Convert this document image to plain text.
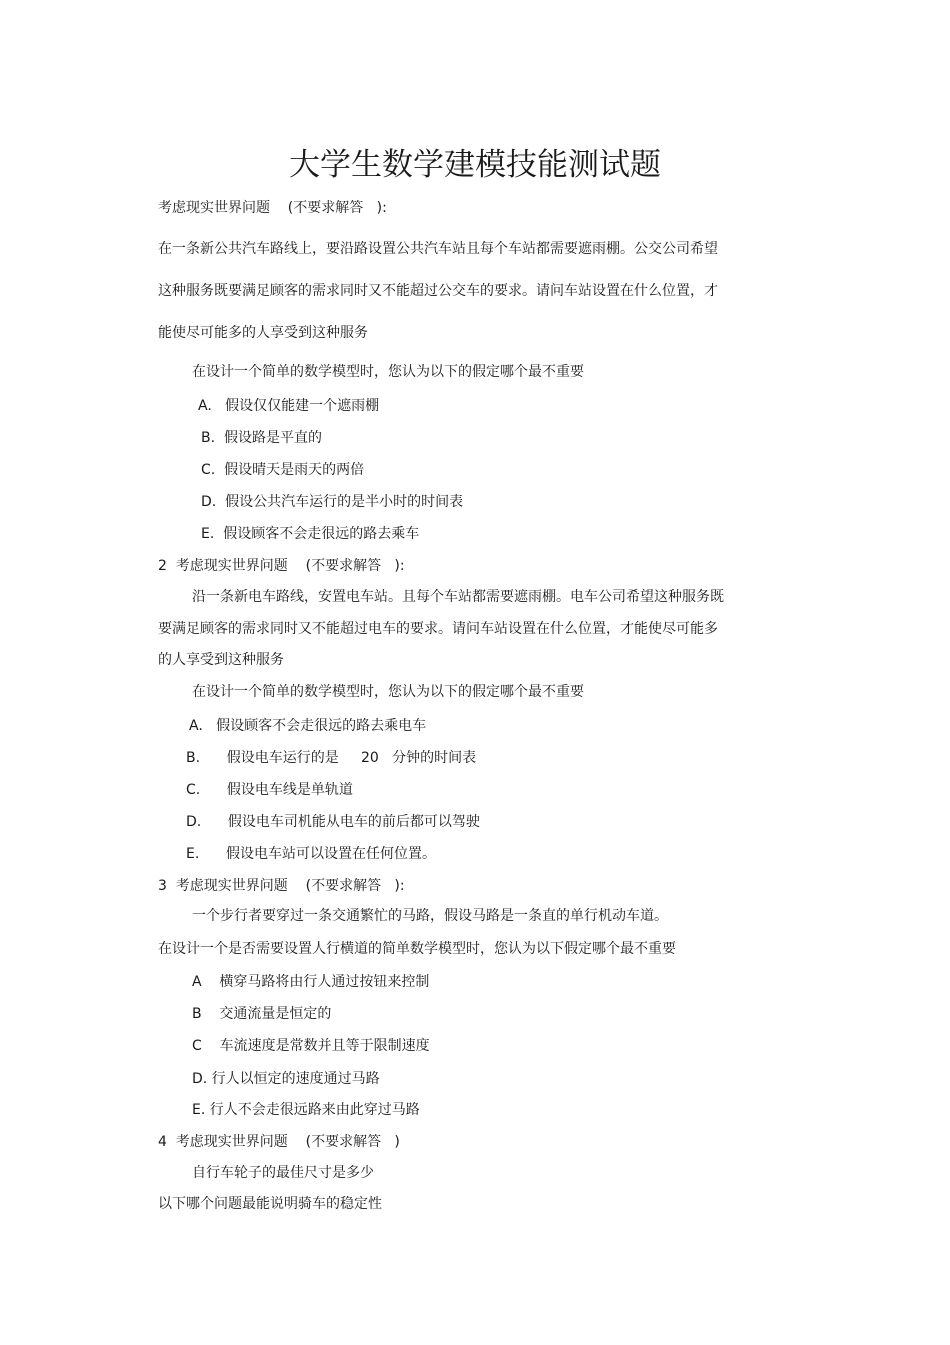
大学生数学建模技能测试题
考虑现实世界问题    (不要求解答   ):
在一条新公共汽车路线上，要沿路设置公共汽车站且每个车站都需要遮雨棚。公交公司希望
这种服务既要满足顾客的需求同时又不能超过公交车的要求。请问车站设置在什么位置，才
能使尽可能多的人享受到这种服务
在设计一个简单的数学模型时，您认为以下的假定哪个最不重要
A.   假设仅仅能建一个遮雨棚
B.  假设路是平直的
C.  假设晴天是雨天的两倍
D.  假设公共汽车运行的是半小时的时间表
E.  假设顾客不会走很远的路去乘车
2  考虑现实世界问题    (不要求解答   ):
沿一条新电车路线，安置电车站。且每个车站都需要遮雨棚。电车公司希望这种服务既
要满足顾客的需求同时又不能超过电车的要求。请问车站设置在什么位置，才能使尽可能多
的人享受到这种服务
在设计一个简单的数学模型时，您认为以下的假定哪个最不重要
A.   假设顾客不会走很远的路去乘电车
B.      假设电车运行的是     20   分钟的时间表
C.      假设电车线是单轨道
D.      假设电车司机能从电车的前后都可以驾驶
E.      假设电车站可以设置在任何位置。
3  考虑现实世界问题    (不要求解答   ):
一个步行者要穿过一条交通繁忙的马路，假设马路是一条直的单行机动车道。
在设计一个是否需要设置人行横道的简单数学模型时，您认为以下假定哪个最不重要
A    横穿马路将由行人通过按钮来控制
B    交通流量是恒定的
C    车流速度是常数并且等于限制速度
D. 行人以恒定的速度通过马路
E. 行人不会走很远路来由此穿过马路
4  考虑现实世界问题    (不要求解答   )
自行车轮子的最佳尺寸是多少
以下哪个问题最能说明骑车的稳定性
